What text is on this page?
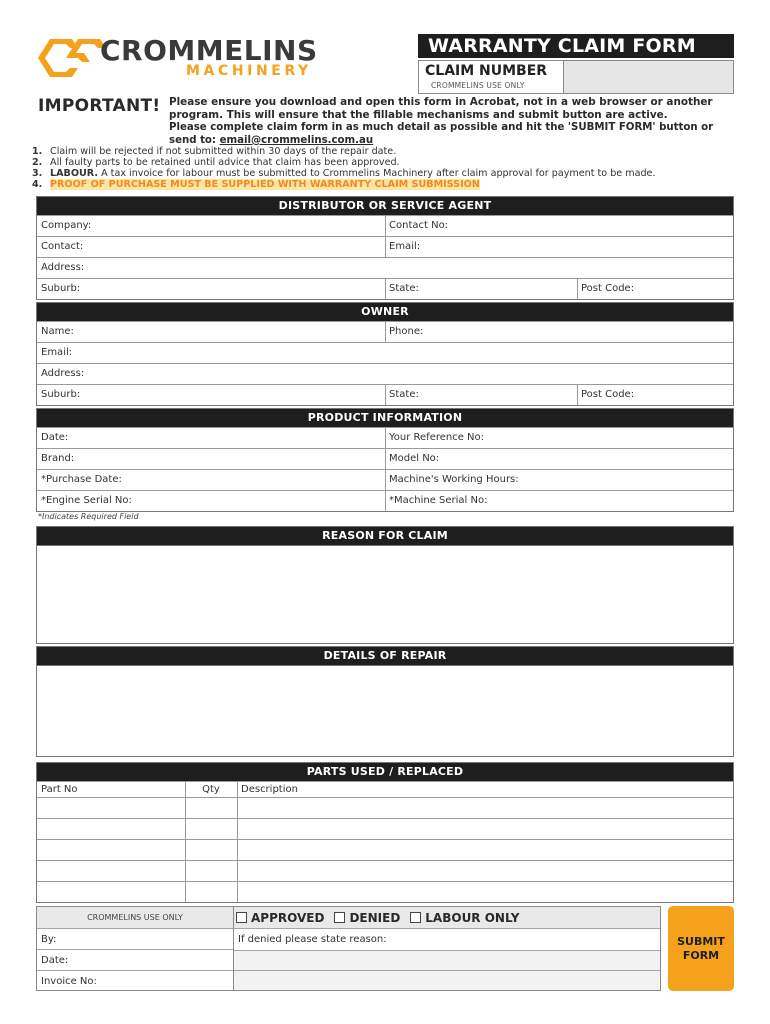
CROMMELINS
MACHINERY
WARRANTY CLAIM FORM
CLAIM NUMBER
CROMMELINS USE ONLY
IMPORTANT! Please ensure you download and open this form in Acrobat, not in a web browser or another program. This will ensure that the fillable mechanisms and submit button are active.
Please complete claim form in as much detail as possible and hit the 'SUBMIT FORM' button or send to: email@crommelins.com.au
1. Claim will be rejected if not submitted within 30 days of the repair date.
2. All faulty parts to be retained until advice that claim has been approved.
3. LABOUR. A tax invoice for labour must be submitted to Crommelins Machinery after claim approval for payment to be made.
4. PROOF OF PURCHASE MUST BE SUPPLIED WITH WARRANTY CLAIM SUBMISSION
DISTRIBUTOR OR SERVICE AGENT
Company:	Contact No:
Contact:	Email:
Address:
Suburb:	State:	Post Code:
OWNER
Name:	Phone:
Email:
Address:
Suburb:	State:	Post Code:
PRODUCT INFORMATION
Date:	Your Reference No:
Brand:	Model No:
*Purchase Date:	Machine's Working Hours:
*Engine Serial No:	*Machine Serial No:
*Indicates Required Field
REASON FOR CLAIM
DETAILS OF REPAIR
PARTS USED / REPLACED
Part No	Qty	Description
CROMMELINS USE ONLY
By:
Date:
Invoice No:
APPROVED DENIED LABOUR ONLY
If denied please state reason:	SUBMIT
FORM
